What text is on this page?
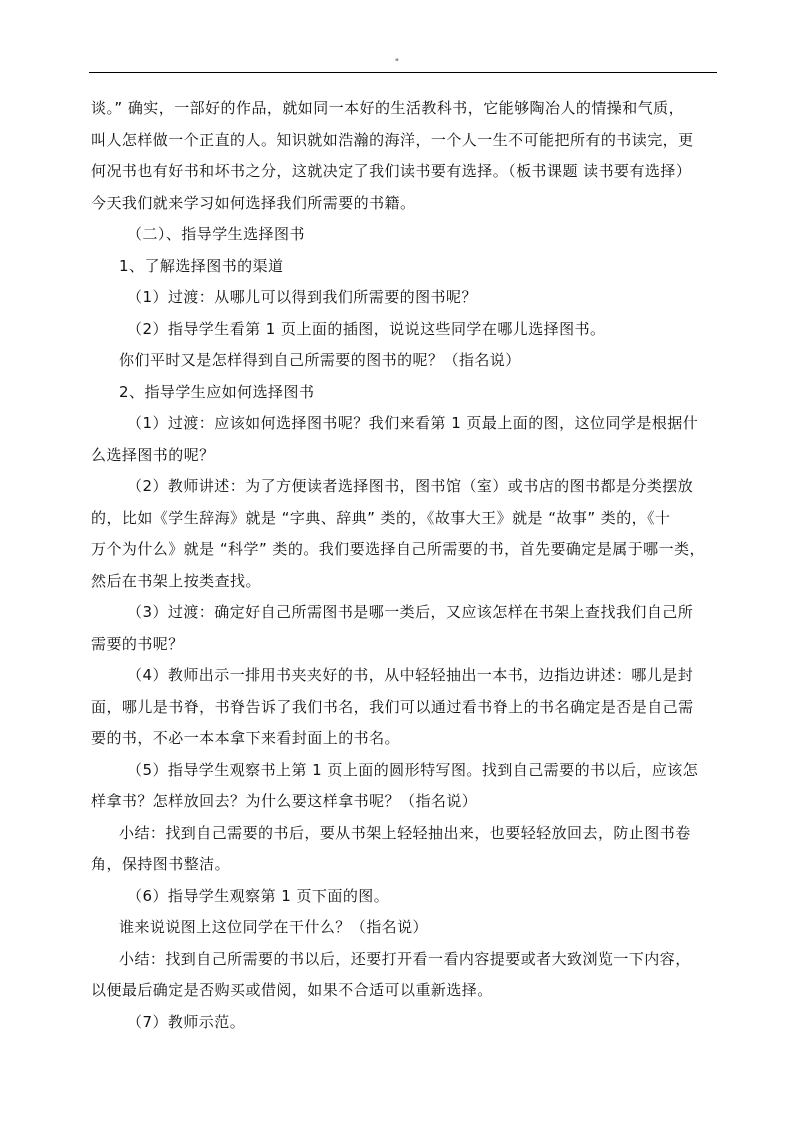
"

谈。” 确实，一部好的作品，就如同一本好的生活教科书，它能够陶冶人的情操和气质，

叫人怎样做一个正直的人。知识就如浩瀚的海洋，一个人一生不可能把所有的书读完，更

何况书也有好书和坏书之分，这就决定了我们读书要有选择。（板书课题 读书要有选择）

今天我们就来学习如何选择我们所需要的书籍。

（二）、指导学生选择图书

1、了解选择图书的渠道

（1）过渡：从哪儿可以得到我们所需要的图书呢？

（2）指导学生看第 1 页上面的插图，说说这些同学在哪儿选择图书。

你们平时又是怎样得到自己所需要的图书的呢？（指名说）

2、指导学生应如何选择图书

（1）过渡：应该如何选择图书呢？我们来看第 1 页最上面的图，这位同学是根据什

么选择图书的呢？

（2）教师讲述：为了方便读者选择图书，图书馆（室）或书店的图书都是分类摆放

的，比如《学生辞海》就是 “字典、辞典” 类的，《故事大王》就是 “故事” 类的，《十

万个为什么》就是 “科学” 类的。我们要选择自己所需要的书，首先要确定是属于哪一类，

然后在书架上按类查找。

（3）过渡：确定好自己所需图书是哪一类后，又应该怎样在书架上查找我们自己所

需要的书呢？

（4）教师出示一排用书夹夹好的书，从中轻轻抽出一本书，边指边讲述：哪儿是封

面，哪儿是书脊，书脊告诉了我们书名，我们可以通过看书脊上的书名确定是否是自己需

要的书，不必一本本拿下来看封面上的书名。

（5）指导学生观察书上第 1 页上面的圆形特写图。找到自己需要的书以后，应该怎

样拿书？怎样放回去？为什么要这样拿书呢？（指名说）

小结：找到自己需要的书后，要从书架上轻轻抽出来，也要轻轻放回去，防止图书卷

角，保持图书整洁。

（6）指导学生观察第 1 页下面的图。

谁来说说图上这位同学在干什么？（指名说）

小结：找到自己所需要的书以后，还要打开看一看内容提要或者大致浏览一下内容，

以便最后确定是否购买或借阅，如果不合适可以重新选择。

（7）教师示范。
